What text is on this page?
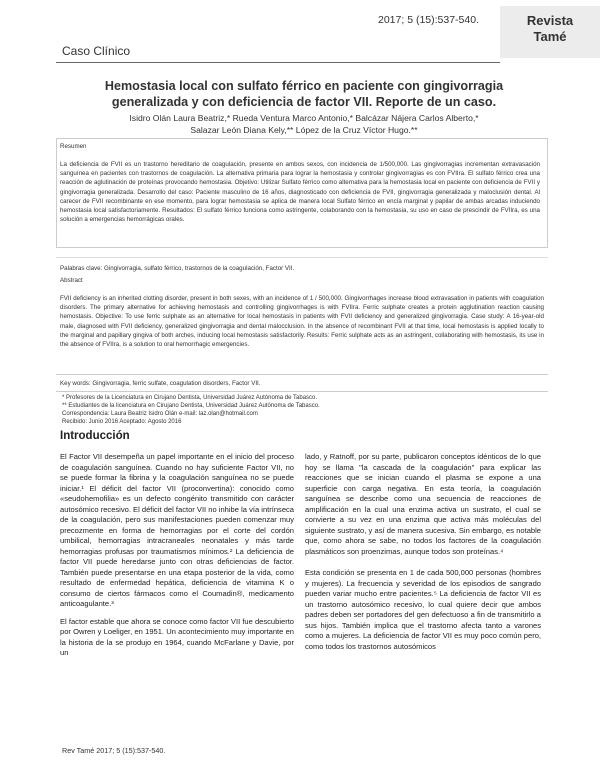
2017; 5 (15):537-540.	Revista
Tamé
Caso Clínico
Hemostasia local con sulfato férrico en paciente con gingivorragia
generalizada y con deficiencia de factor VII. Reporte de un caso.
Isidro Olán Laura Beatriz,* Rueda Ventura Marco Antonio,* Balcázar Nájera Carlos Alberto,*
Salazar León Diana Kely,** López de la Cruz Víctor Hugo.**
Resumen
La deficiencia de FVII es un trastorno hereditario de coagulación, presente en ambos sexos, con incidencia de 1/500,000. Las gingivorragias incrementan extravasación sanguínea en pacientes con trastornos de coagulación. La alternativa primaria para lograr la hemostasia y controlar gingivorragias es con FVIIra. El sulfato férrico crea una reacción de aglutinación de proteínas provocando hemostasia. Objetivo: Utilizar Sulfato férrico como alternativa para la hemostasia local en paciente con deficiencia de FVII y gingivorragia generalizada. Desarrollo del caso: Paciente masculino de 16 años, diagnosticado con deficiencia de FVII, gingivorragia generalizada y maloclusión dental. Al carecer de FVII recombinante en ese momento, para lograr hemostasia se aplica de manera local Sulfato férrico en encía marginal y papilar de ambas arcadas induciendo hemostasia local satisfactoriamente. Resultados: El sulfato férrico funciona como astringente, colaborando con la hemostasia, su uso en caso de prescindir de FVIIra, es una solución a emergencias hemorrágicas orales.
Palabras clave: Gingivorragia, sulfato férrico, trastornos de la coagulación, Factor VII.
Abstract
FVII deficiency is an inherited clotting disorder, present in both sexes, with an incidence of 1 / 500,000. Gingivorrhages increase blood extravasation in patients with coagulation disorders. The primary alternative for achieving hemostasis and controlling gingivorrhages is with FVIIra. Ferric sulphate creates a protein agglutination reaction causing hemostasis. Objective: To use ferric sulphate as an alternative for local hemostasis in patients with FVII deficiency and generalized gingivorragia. Case study: A 16-year-old male, diagnosed with FVII deficiency, generalized gingivorragia and dental malocclusion. In the absence of recombinant FVII at that time, local hemostasis is applied locally to the marginal and papillary gingiva of both arches, inducing local hemostasis satisfactorily. Results: Ferric sulphate acts as an astringent, collaborating with hemostasis, its use in the absence of FVIIra, is a solution to oral hemorrhagic emergencies.
Key words: Gingivorragia, ferric sulfate, coagulation disorders, Factor VII.
* Profesores de la Licenciatura en Cirujano Dentista, Universidad Juárez Autónoma de Tabasco.
** Estudiantes de la licenciatura en Cirujano Dentista, Universidad Juárez Autónoma de Tabasco.
Correspondencia: Laura Beatriz Isidro Olán e-mail: laz.olan@hotmail.com
Recibido: Junio 2016 Aceptado: Agosto 2016
Introducción

El Factor VII desempeña un papel importante en el inicio del proceso de coagulación sanguínea. Cuando no hay suficiente Factor VII, no se puede formar la fibrina y la coagulación sanguínea no se puede iniciar.¹ El déficit del factor VII (proconvertina): conocido como «seudohemofilia» es un defecto congénito transmitido con carácter autosómico recesivo. El déficit del factor VII no inhibe la vía intrínseca de la coagulación, pero sus manifestaciones pueden comenzar muy precozmente en forma de hemorragias por el corte del cordón umbilical, hemorragias intracraneales neonatales y más tarde hemorragias profusas por traumatismos mínimos.² La deficiencia de factor VII puede heredarse junto con otras deficiencias de factor. También puede presentarse en una etapa posterior de la vida, como resultado de enfermedad hepática, deficiencia de vitamina K o consumo de ciertos fármacos como el Coumadin®, medicamento anticoagulante.³

El factor estable que ahora se conoce como factor VII fue descubierto por Owren y Loeliger, en 1951. Un acontecimiento muy importante en la historia de la se produjo en 1964, cuando McFarlane y Davie, por un

lado, y Ratnoff, por su parte, publicaron conceptos idénticos de lo que hoy se llama "la cascada de la coagulación" para explicar las reacciones que se inician cuando el plasma se expone a una superficie con carga negativa. En esta teoría, la coagulación sanguínea se describe como una secuencia de reacciones de amplificación en la cual una enzima activa un sustrato, el cual se convierte a su vez en una enzima que activa más moléculas del siguiente sustrato, y así de manera sucesiva. Sin embargo, es notable que, como ahora se sabe, no todos los factores de la coagulación plasmáticos son proenzimas, aunque todos son proteínas.⁴

Esta condición se presenta en 1 de cada 500,000 personas (hombres y mujeres). La frecuencia y severidad de los episodios de sangrado pueden variar mucho entre pacientes.⁵ La deficiencia de factor VII es un trastorno autosómico recesivo, lo cual quiere decir que ambos padres deben ser portadores del gen defectuoso a fin de transmitirlo a sus hijos. También implica que el trastorno afecta tanto a varones como a mujeres. La deficiencia de factor VII es muy poco común pero, como todos los trastornos autosómicos

Rev Tamé 2017; 5 (15):537-540.
